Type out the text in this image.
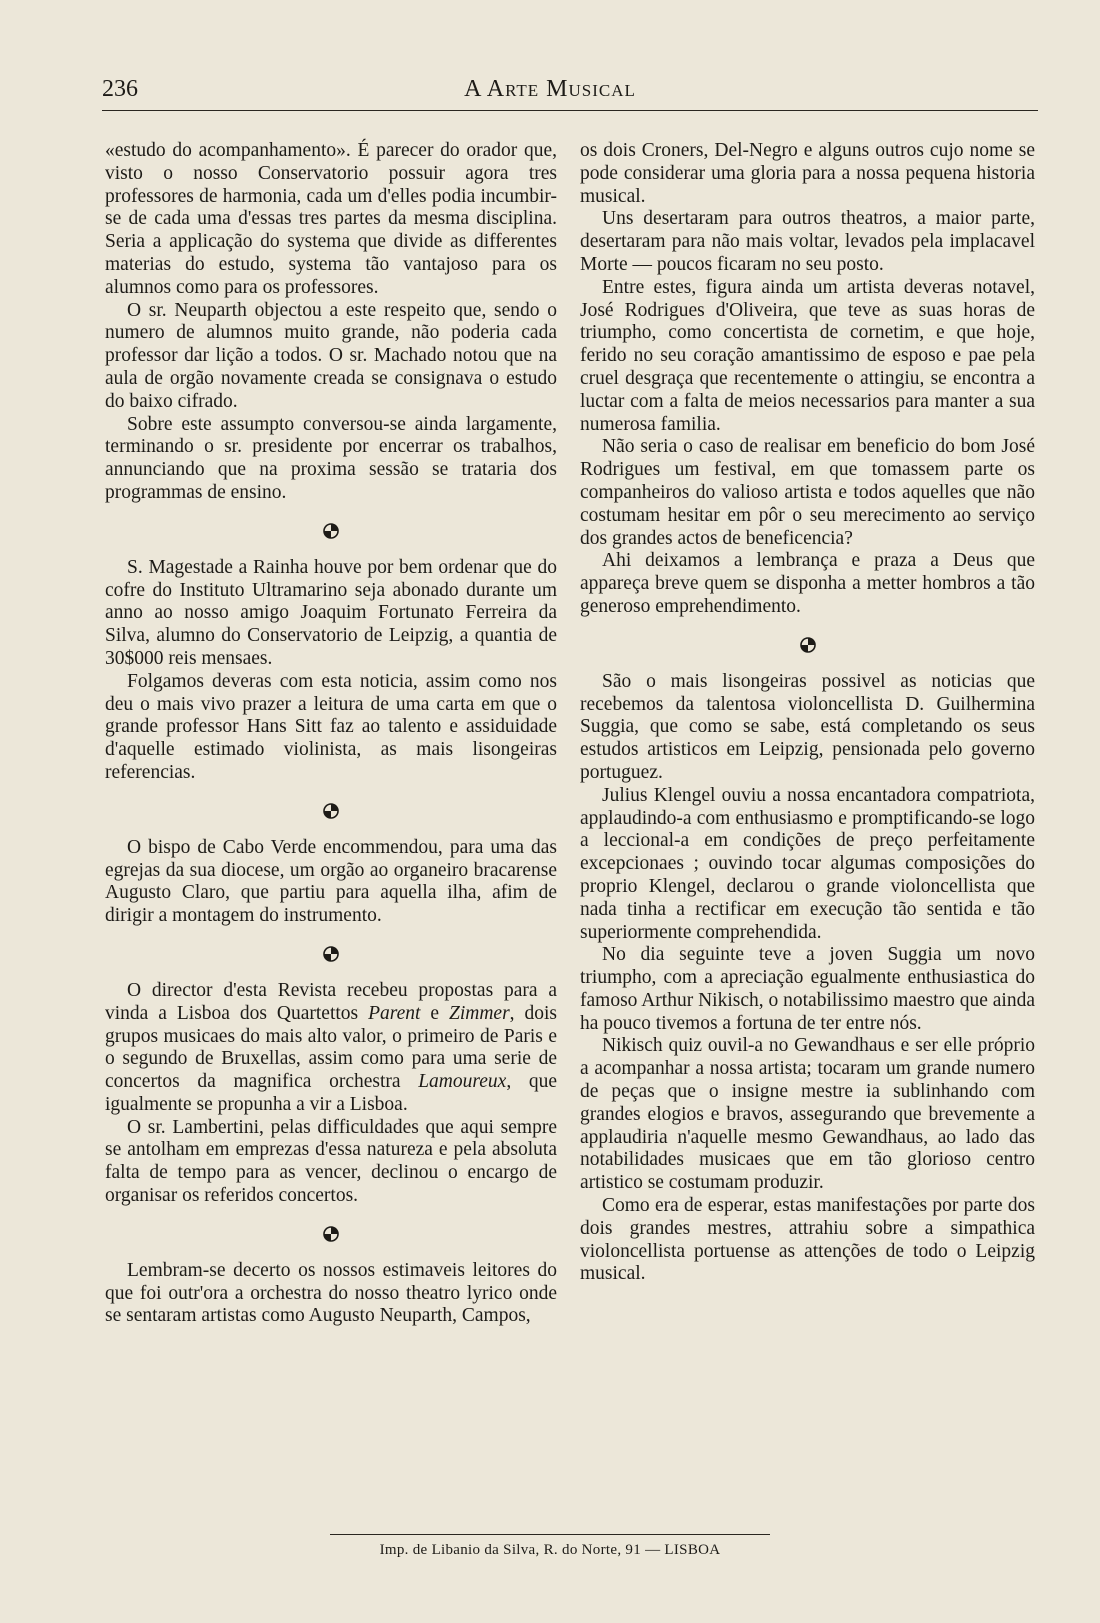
236	A Arte Musical

«estudo do acompanhamento». É parecer do orador que, visto o nosso Conservatorio possuir agora tres professores de harmonia, cada um d'elles podia incumbir-se de cada uma d'essas tres partes da mesma disciplina. Seria a applicação do systema que divide as differentes materias do estudo, systema tão vantajoso para os alumnos como para os professores.

O sr. Neuparth objectou a este respeito que, sendo o numero de alumnos muito grande, não poderia cada professor dar lição a todos. O sr. Machado notou que na aula de orgão novamente creada se consignava o estudo do baixo cifrado.

Sobre este assumpto conversou-se ainda largamente, terminando o sr. presidente por encerrar os trabalhos, annunciando que na proxima sessão se trataria dos programmas de ensino.

S. Magestade a Rainha houve por bem ordenar que do cofre do Instituto Ultramarino seja abonado durante um anno ao nosso amigo Joaquim Fortunato Ferreira da Silva, alumno do Conservatorio de Leipzig, a quantia de 30$000 reis mensaes.

Folgamos deveras com esta noticia, assim como nos deu o mais vivo prazer a leitura de uma carta em que o grande professor Hans Sitt faz ao talento e assiduidade d'aquelle estimado violinista, as mais lisongeiras referencias.

O bispo de Cabo Verde encommendou, para uma das egrejas da sua diocese, um orgão ao organeiro bracarense Augusto Claro, que partiu para aquella ilha, afim de dirigir a montagem do instrumento.

O director d'esta Revista recebeu propostas para a vinda a Lisboa dos Quartettos Parent e Zimmer, dois grupos musicaes do mais alto valor, o primeiro de Paris e o segundo de Bruxellas, assim como para uma serie de concertos da magnifica orchestra Lamoureux, que igualmente se propunha a vir a Lisboa.

O sr. Lambertini, pelas difficuldades que aqui sempre se antolham em emprezas d'essa natureza e pela absoluta falta de tempo para as vencer, declinou o encargo de organisar os referidos concertos.

Lembram-se decerto os nossos estimaveis leitores do que foi outr'ora a orchestra do nosso theatro lyrico onde se sentaram artistas como Augusto Neuparth, Campos,

os dois Croners, Del-Negro e alguns outros cujo nome se pode considerar uma gloria para a nossa pequena historia musical.

Uns desertaram para outros theatros, a maior parte, desertaram para não mais voltar, levados pela implacavel Morte — poucos ficaram no seu posto.

Entre estes, figura ainda um artista deveras notavel, José Rodrigues d'Oliveira, que teve as suas horas de triumpho, como concertista de cornetim, e que hoje, ferido no seu coração amantissimo de esposo e pae pela cruel desgraça que recentemente o attingiu, se encontra a luctar com a falta de meios necessarios para manter a sua numerosa familia.

Não seria o caso de realisar em beneficio do bom José Rodrigues um festival, em que tomassem parte os companheiros do valioso artista e todos aquelles que não costumam hesitar em pôr o seu merecimento ao serviço dos grandes actos de beneficencia?

Ahi deixamos a lembrança e praza a Deus que appareça breve quem se disponha a metter hombros a tão generoso emprehendimento.

São o mais lisongeiras possivel as noticias que recebemos da talentosa violoncellista D. Guilhermina Suggia, que como se sabe, está completando os seus estudos artisticos em Leipzig, pensionada pelo governo portuguez.

Julius Klengel ouviu a nossa encantadora compatriota, applaudindo-a com enthusiasmo e promptificando-se logo a leccional-a em condições de preço perfeitamente excepcionaes ; ouvindo tocar algumas composições do proprio Klengel, declarou o grande violoncellista que nada tinha a rectificar em execução tão sentida e tão superiormente comprehendida.

No dia seguinte teve a joven Suggia um novo triumpho, com a apreciação egualmente enthusiastica do famoso Arthur Nikisch, o notabilissimo maestro que ainda ha pouco tivemos a fortuna de ter entre nós.

Nikisch quiz ouvil-a no Gewandhaus e ser elle próprio a acompanhar a nossa artista; tocaram um grande numero de peças que o insigne mestre ia sublinhando com grandes elogios e bravos, assegurando que brevemente a applaudiria n'aquelle mesmo Gewandhaus, ao lado das notabilidades musicaes que em tão glorioso centro artistico se costumam produzir.

Como era de esperar, estas manifestações por parte dos dois grandes mestres, attrahiu sobre a simpathica violoncellista portuense as attenções de todo o Leipzig musical.

Imp. de Libanio da Silva, R. do Norte, 91 — LISBOA
